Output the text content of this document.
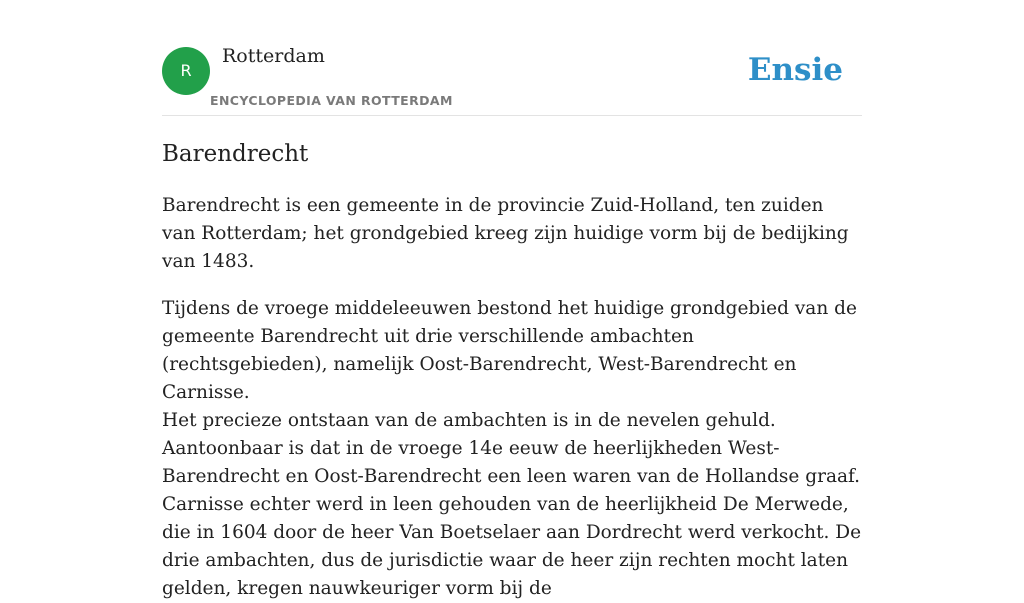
R
Rotterdam
ENCYCLOPEDIA VAN ROTTERDAM
Ensie
Barendrecht

Barendrecht is een gemeente in de provincie Zuid-Holland, ten zuiden van Rotterdam; het grondgebied kreeg zijn huidige vorm bij de bedijking van 1483.

Tijdens de vroege middeleeuwen bestond het huidige grondgebied van de gemeente Barendrecht uit drie verschillende ambachten (rechtsgebieden), namelijk Oost-Barendrecht, West-Barendrecht en Carnisse.

Het precieze ontstaan van de ambachten is in de nevelen gehuld. Aantoonbaar is dat in de vroege 14e eeuw de heerlijkheden West-Barendrecht en Oost-Barendrecht een leen waren van de Hollandse graaf. Carnisse echter werd in leen gehouden van de heerlijkheid De Merwede, die in 1604 door de heer Van Boetselaer aan Dordrecht werd verkocht. De drie ambachten, dus de jurisdictie waar de heer zijn rechten mocht laten gelden, kregen nauwkeuriger vorm bij de
